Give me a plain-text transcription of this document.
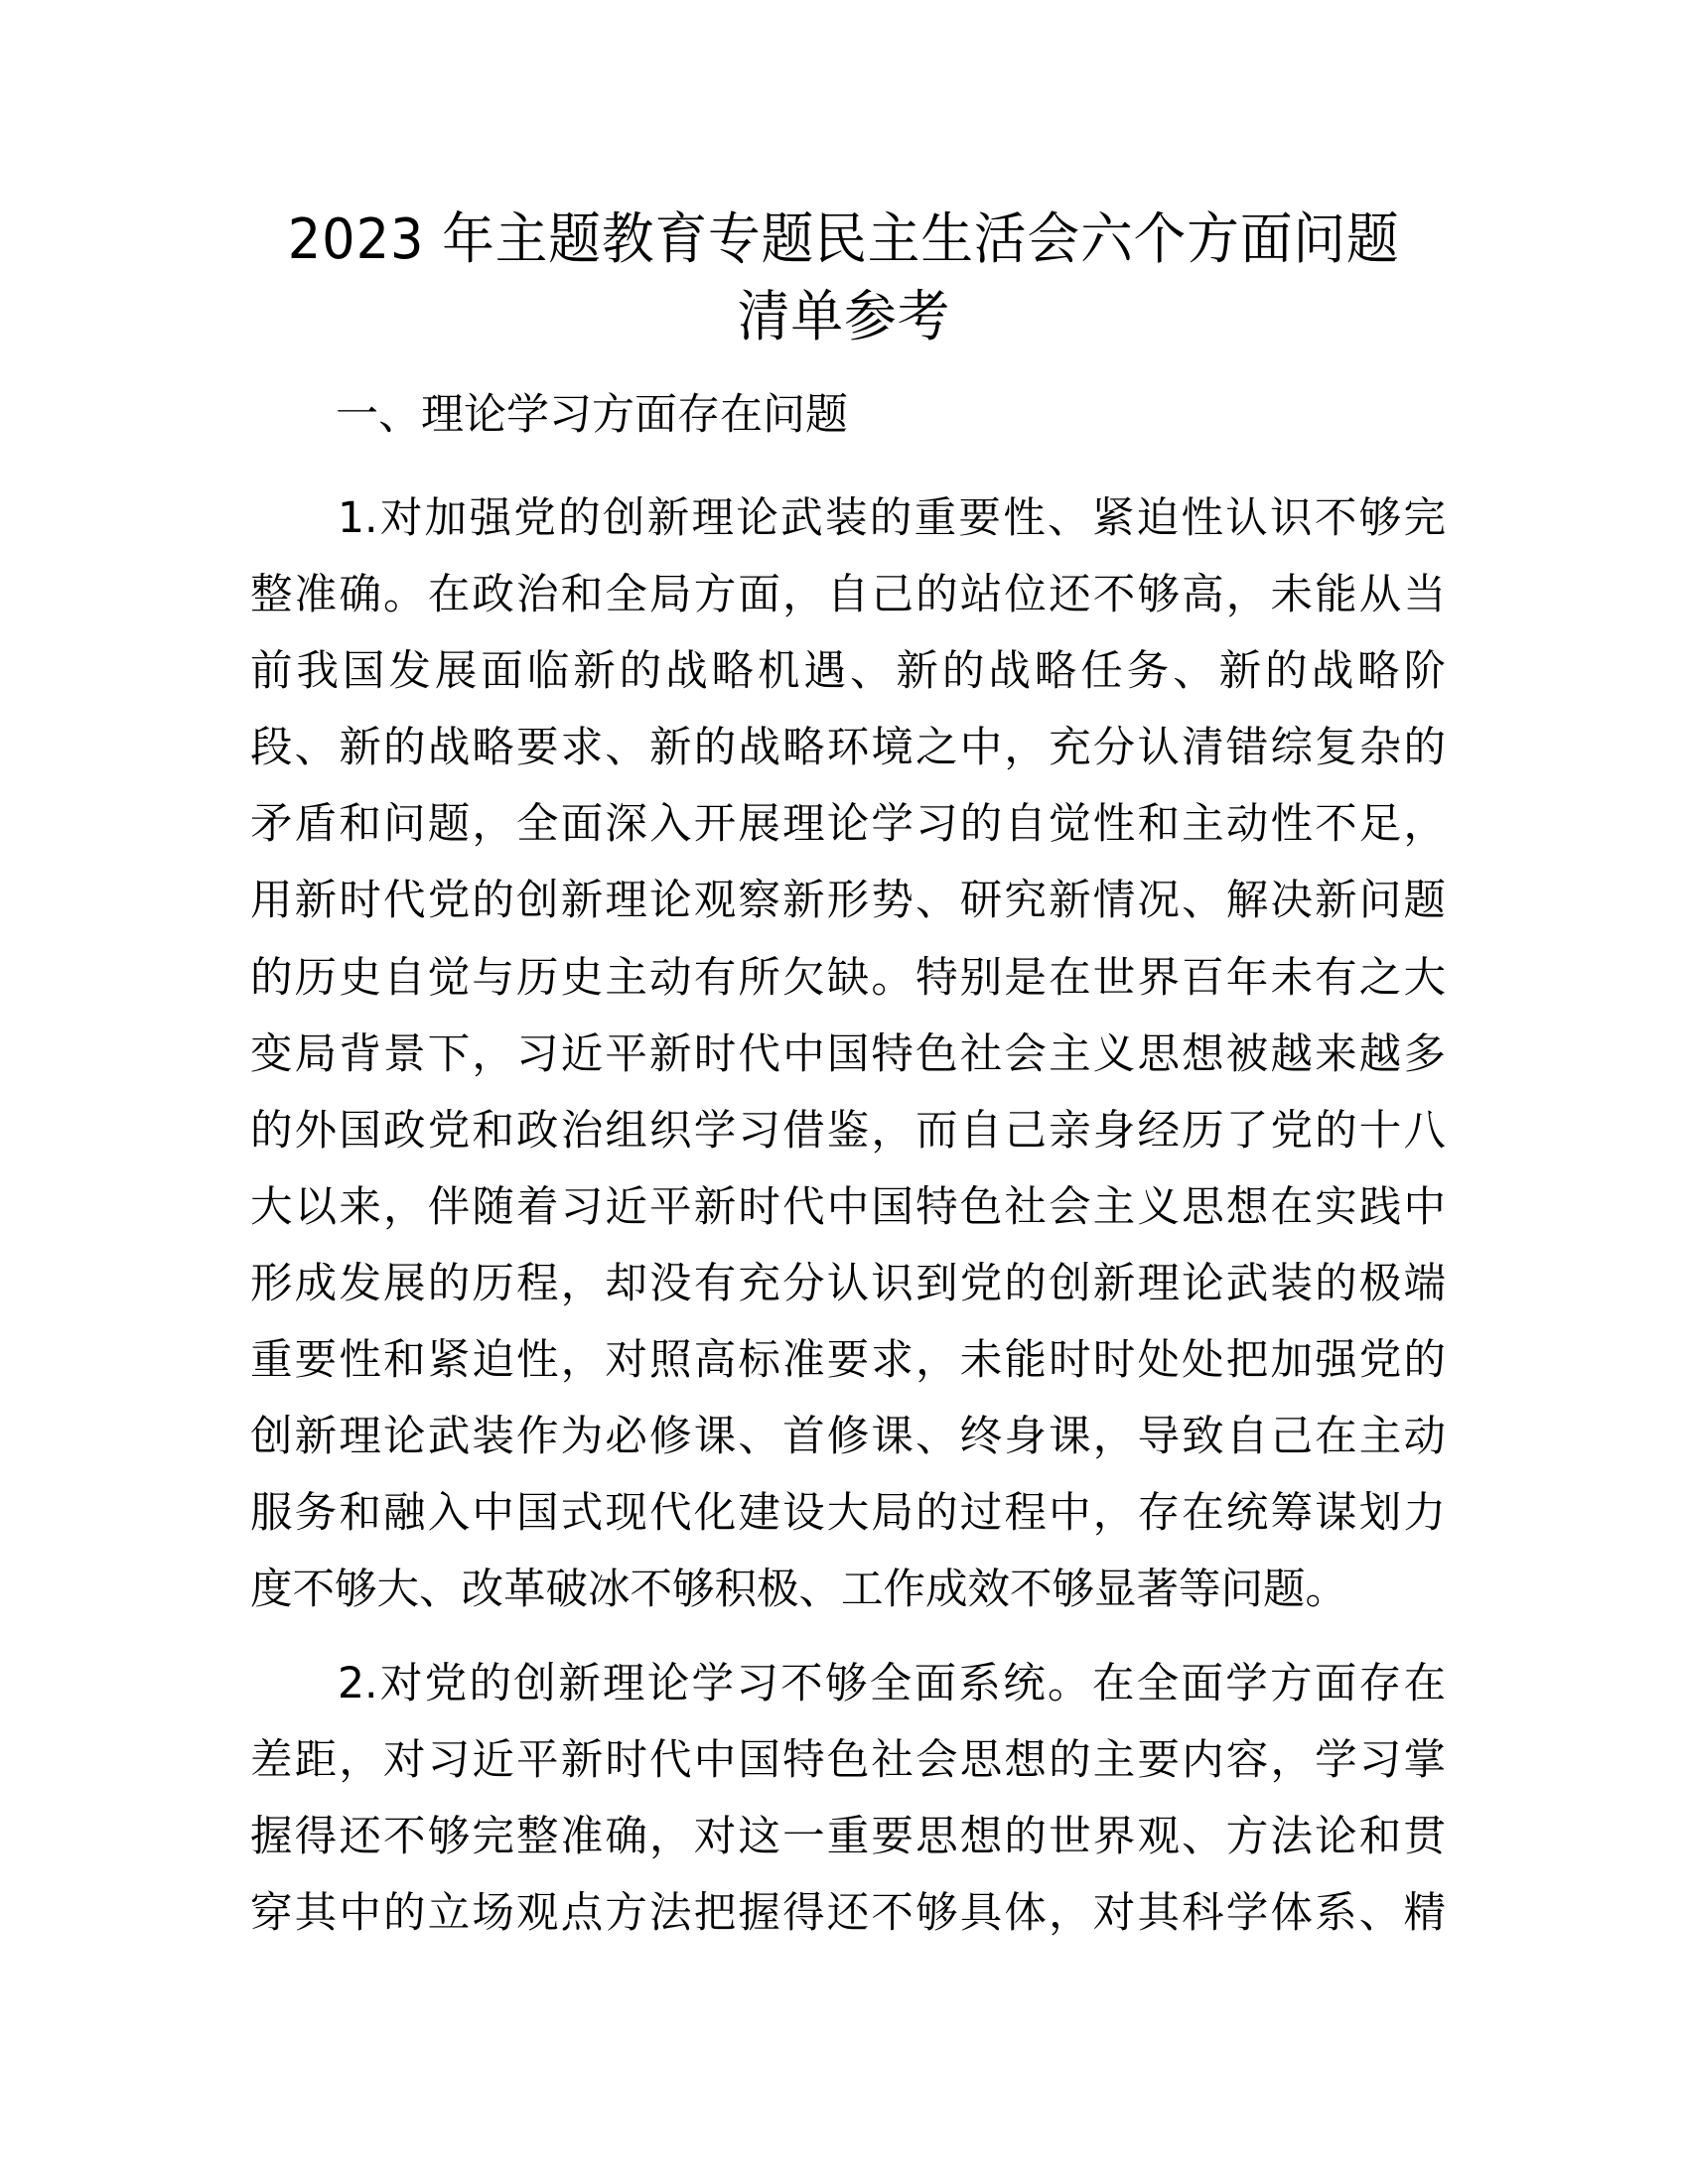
2023 年主题教育专题民主生活会六个方面问题
清单参考
一、理论学习方面存在问题
1.对加强党的创新理论武装的重要性、紧迫性认识不够完
整准确。在政治和全局方面，自己的站位还不够高，未能从当
前我国发展面临新的战略机遇、新的战略任务、新的战略阶
段、新的战略要求、新的战略环境之中，充分认清错综复杂的
矛盾和问题，全面深入开展理论学习的自觉性和主动性不足，
用新时代党的创新理论观察新形势、研究新情况、解决新问题
的历史自觉与历史主动有所欠缺。特别是在世界百年未有之大
变局背景下，习近平新时代中国特色社会主义思想被越来越多
的外国政党和政治组织学习借鉴，而自己亲身经历了党的十八
大以来，伴随着习近平新时代中国特色社会主义思想在实践中
形成发展的历程，却没有充分认识到党的创新理论武装的极端
重要性和紧迫性，对照高标准要求，未能时时处处把加强党的
创新理论武装作为必修课、首修课、终身课，导致自己在主动
服务和融入中国式现代化建设大局的过程中，存在统筹谋划力
度不够大、改革破冰不够积极、工作成效不够显著等问题。
2.对党的创新理论学习不够全面系统。在全面学方面存在
差距，对习近平新时代中国特色社会思想的主要内容，学习掌
握得还不够完整准确，对这一重要思想的世界观、方法论和贯
穿其中的立场观点方法把握得还不够具体，对其科学体系、精
